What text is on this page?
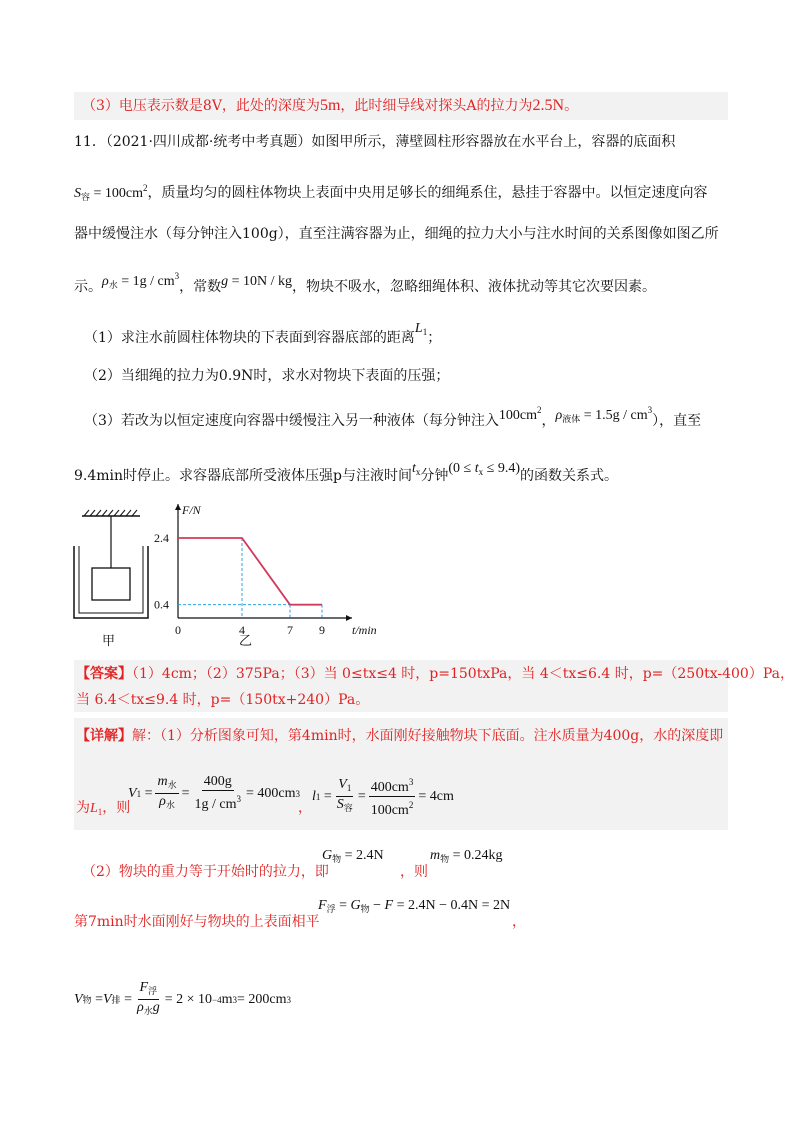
（3）电压表示数是8V，此处的深度为5m，此时细导线对探头A的拉力为2.5N。
11．（2021·四川成都·统考中考真题）如图甲所示，薄壁圆柱形容器放在水平台上，容器的底面积
$S_容 = 100cm^2$，质量均匀的圆柱体物块上表面中央用足够长的细绳系住，悬挂于容器中。以恒定速度向容
器中缓慢注水（每分钟注入100g），直至注满容器为止，细绳的拉力大小与注水时间的关系图像如图乙所
示。$\rho_水 = 1g / cm^3$，常数g = 10N / kg，物块不吸水，忽略细绳体积、液体扰动等其它次要因素。
（1）求注水前圆柱体物块的下表面到容器底部的距离$L_1$；
（2）当细绳的拉力为0.9N时，求水对物块下表面的压强；
（3）若改为以恒定速度向容器中缓慢注入另一种液体（每分钟注入$100cm^2$，$\rho_{液体} = 1.5g / cm^3$），直至
9.4min时停止。求容器底部所受液体压强p与注液时间$t_x$分钟$(0 \le t_x \le 9.4)$的函数关系式。
甲
F/N
t/min
0	4	7 9
0.4
2.4
乙
【答案】（1）4cm；（2）375Pa；（3）当 0≤tx≤4 时，p=150txPa，当 4＜tx≤6.4 时，p=（250tx-400）Pa，
当 6.4＜tx≤9.4 时，p=（150tx+240）Pa。
【详解】解：（1）分析图象可知，第4min时，水面刚好接触物块下底面。注水质量为400g，水的深度即
为$L_1$，则
V $1 = \frac{m_水}{\rho_水} = \frac{400g}{1g / cm^3} = 400cm$ 3
，
l $1 = \frac{V_1}{S_容} = \frac{400cm^3}{100cm^2} = 4cm$
（2）物块的重力等于开始时的拉力，即
$G_物 = 2.4N$
，则
$m_物 = 0.24kg$
第7min时水面刚好与物块的上表面相平
$F_浮 = G_物 - F = 2.4N - 0.4N = 2N$
，
V 物 = V 排 = $\frac{F_浮}{\rho_水g} = 2 \times 10 -4$ m 3 = 200cm 3
